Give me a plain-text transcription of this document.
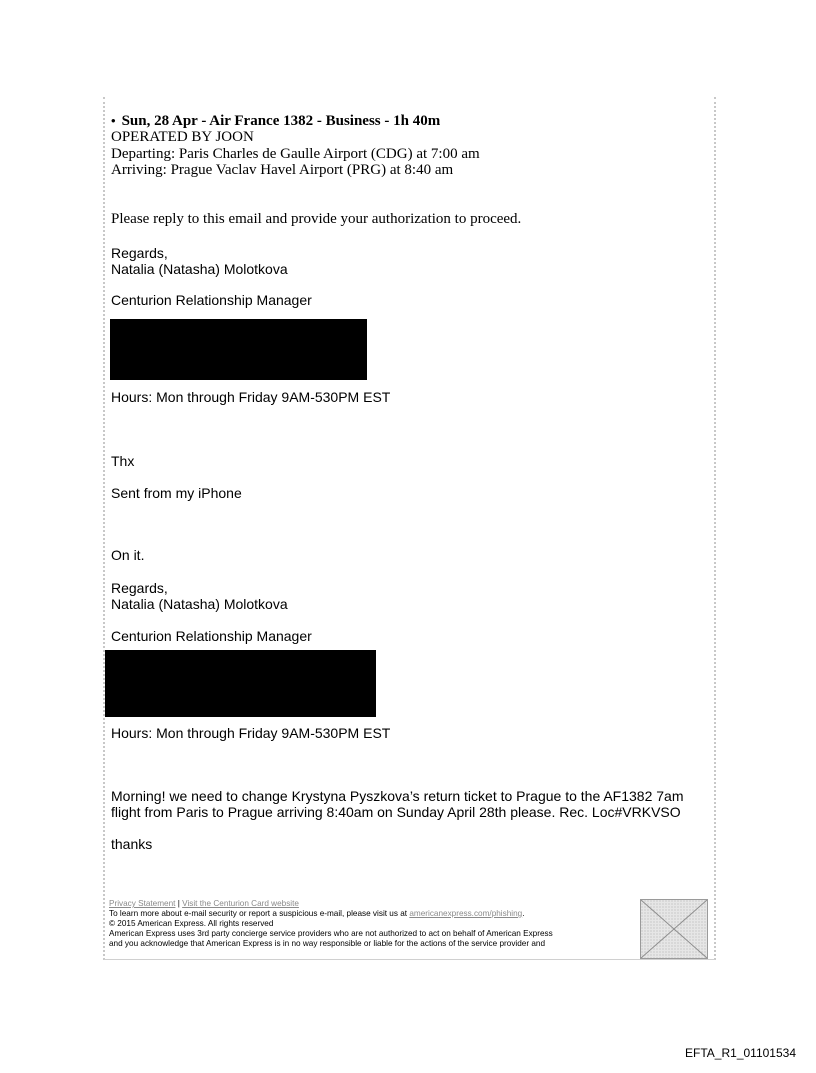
• Sun, 28 Apr - Air France 1382 - Business - 1h 40m
OPERATED BY JOON
Departing: Paris Charles de Gaulle Airport (CDG) at 7:00 am
Arriving: Prague Vaclav Havel Airport (PRG) at 8:40 am
Please reply to this email and provide your authorization to proceed.
Regards,
Natalia (Natasha) Molotkova
Centurion Relationship Manager
Hours: Mon through Friday 9AM-530PM EST
Thx
Sent from my iPhone
On it.
Regards,
Natalia (Natasha) Molotkova
Centurion Relationship Manager
Hours: Mon through Friday 9AM-530PM EST
Morning! we need to change Krystyna Pyszkova’s return ticket to Prague to the AF1382 7am
flight from Paris to Prague arriving 8:40am on Sunday April 28th please. Rec. Loc#VRKVSO
thanks
Privacy Statement | Visit the Centurion Card website
To learn more about e-mail security or report a suspicious e-mail, please visit us at americanexpress.com/phishing.
© 2015 American Express. All rights reserved
American Express uses 3rd party concierge service providers who are not authorized to act on behalf of American Express
and you acknowledge that American Express is in no way responsible or liable for the actions of the service provider and
EFTA_R1_01101534
